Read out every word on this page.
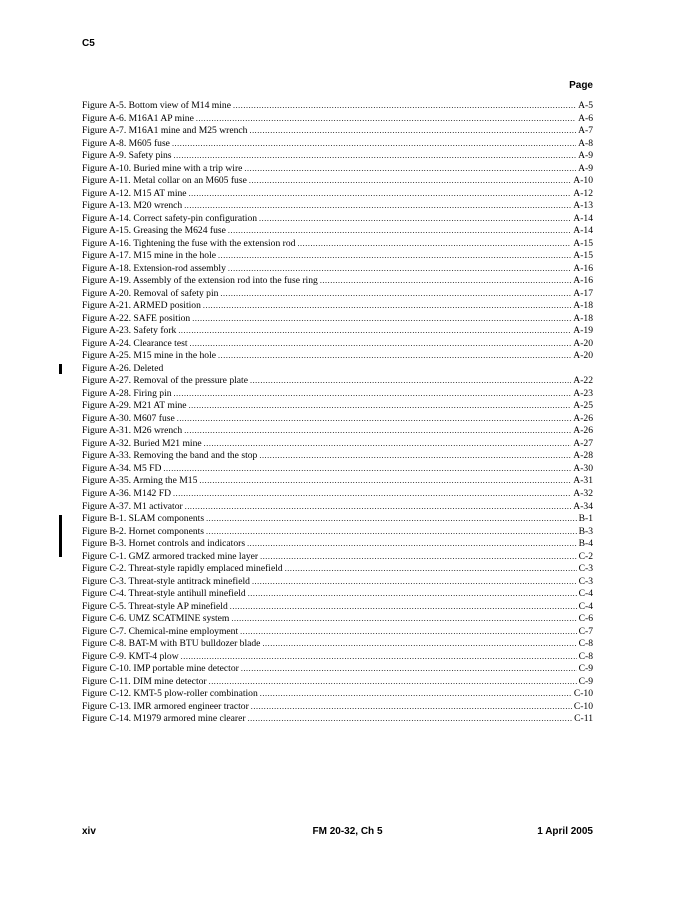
C5
Page
Figure A-5. Bottom view of M14 mine .....	A-5
Figure A-6. M16A1 AP mine .....	A-6
Figure A-7. M16A1 mine and M25 wrench .....	A-7
Figure A-8. M605 fuse .....	A-8
Figure A-9. Safety pins .....	A-9
Figure A-10. Buried mine with a trip wire .....	A-9
Figure A-11. Metal collar on an M605 fuse .....	A-10
Figure A-12. M15 AT mine .....	A-12
Figure A-13. M20 wrench .....	A-13
Figure A-14. Correct safety-pin configuration .....	A-14
Figure A-15. Greasing the M624 fuse .....	A-14
Figure A-16. Tightening the fuse with the extension rod .....	A-15
Figure A-17. M15 mine in the hole .....	A-15
Figure A-18. Extension-rod assembly .....	A-16
Figure A-19. Assembly of the extension rod into the fuse ring .....	A-16
Figure A-20. Removal of safety pin .....	A-17
Figure A-21. ARMED position .....	A-18
Figure A-22. SAFE position .....	A-18
Figure A-23. Safety fork .....	A-19
Figure A-24. Clearance test .....	A-20
Figure A-25. M15 mine in the hole .....	A-20
Figure A-26. Deleted
Figure A-27. Removal of the pressure plate .....	A-22
Figure A-28. Firing pin .....	A-23
Figure A-29. M21 AT mine .....	A-25
Figure A-30. M607 fuse .....	A-26
Figure A-31. M26 wrench .....	A-26
Figure A-32. Buried M21 mine .....	A-27
Figure A-33. Removing the band and the stop .....	A-28
Figure A-34. M5 FD .....	A-30
Figure A-35. Arming the M15 .....	A-31
Figure A-36. M142 FD .....	A-32
Figure A-37. M1 activator .....	A-34
Figure B-1. SLAM components .....	B-1
Figure B-2. Hornet components .....	B-3
Figure B-3. Hornet controls and indicators .....	B-4
Figure C-1. GMZ armored tracked mine layer .....	C-2
Figure C-2. Threat-style rapidly emplaced minefield .....	C-3
Figure C-3. Threat-style antitrack minefield .....	C-3
Figure C-4. Threat-style antihull minefield .....	C-4
Figure C-5. Threat-style AP minefield .....	C-4
Figure C-6. UMZ SCATMINE system .....	C-6
Figure C-7. Chemical-mine employment .....	C-7
Figure C-8. BAT-M with BTU bulldozer blade .....	C-8
Figure C-9. KMT-4 plow .....	C-8
Figure C-10. IMP portable mine detector .....	C-9
Figure C-11. DIM mine detector .....	C-9
Figure C-12. KMT-5 plow-roller combination .....	C-10
Figure C-13. IMR armored engineer tractor .....	C-10
Figure C-14. M1979 armored mine clearer .....	C-11
xiv	FM 20-32, Ch 5	1 April 2005
